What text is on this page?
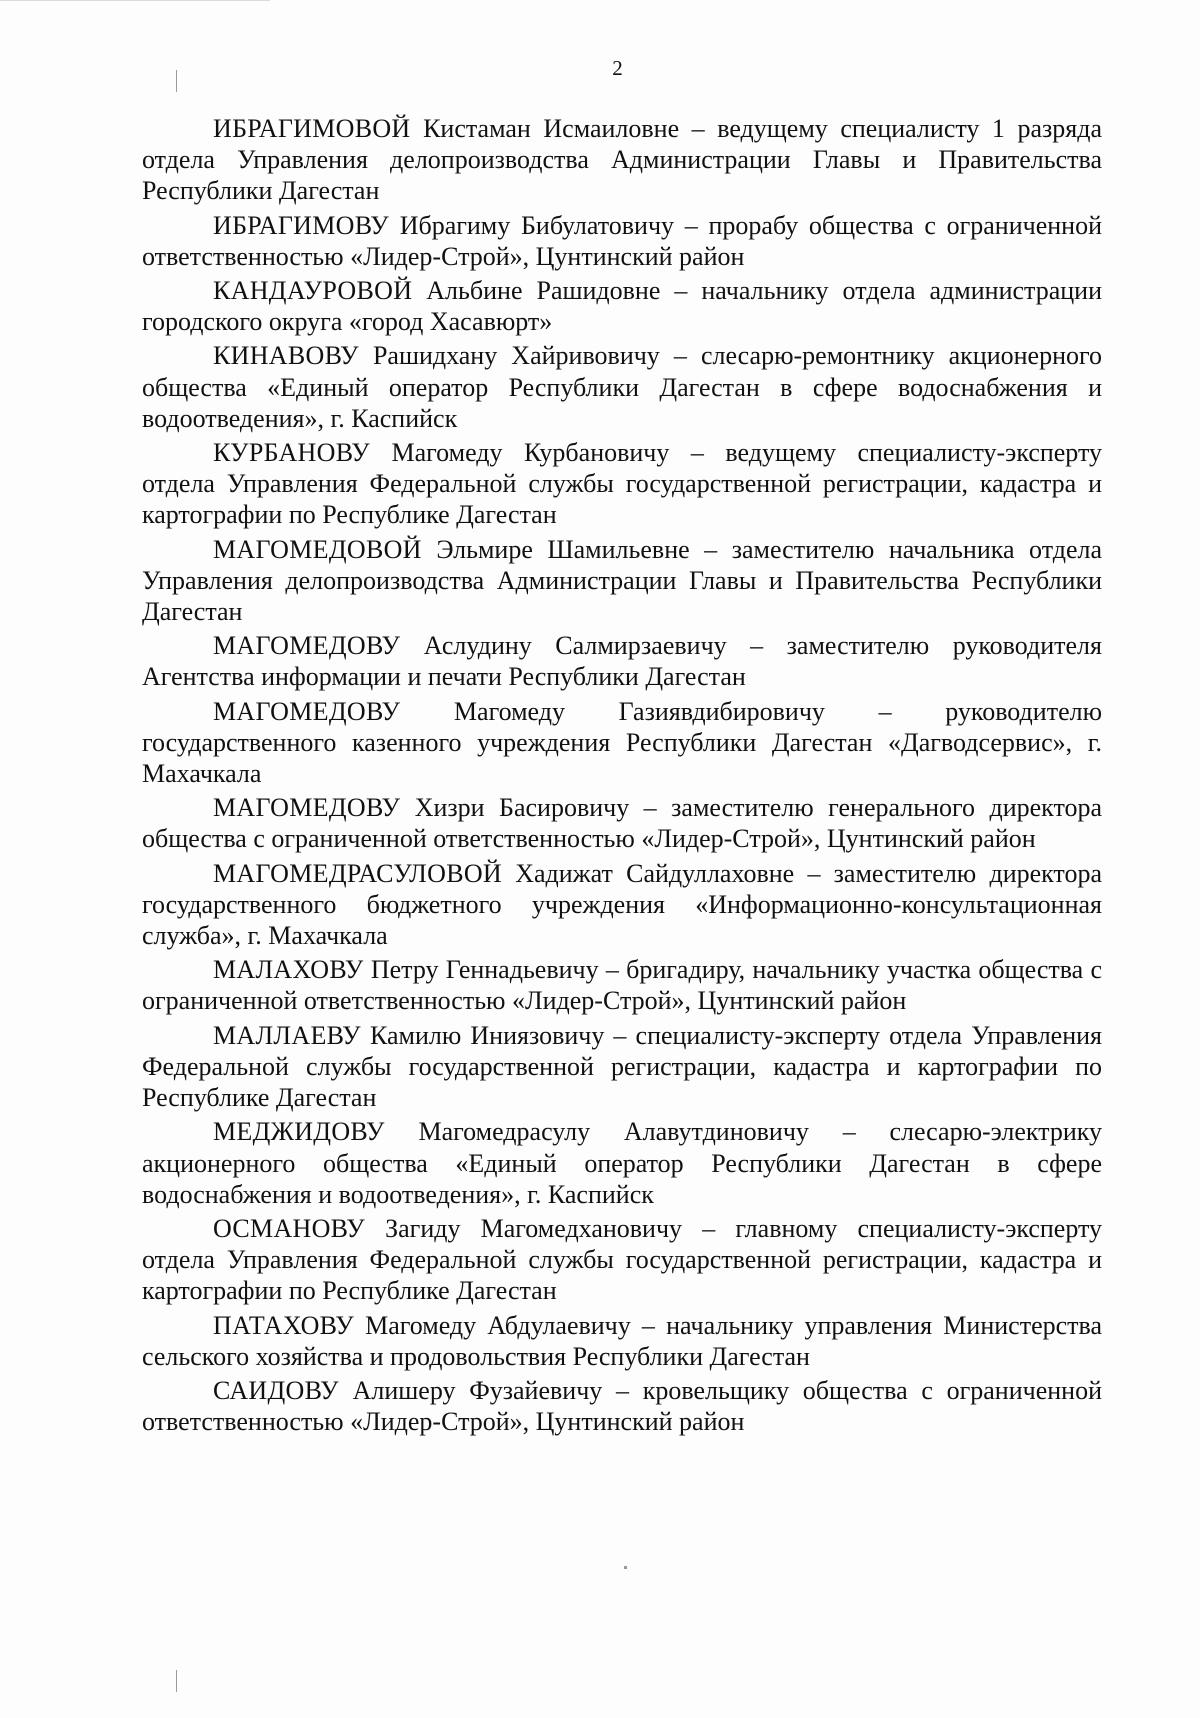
2

ИБРАГИМОВОЙ Кистаман Исмаиловне – ведущему специалисту 1 разряда отдела Управления делопроизводства Администрации Главы и Правительства Республики Дагестан

ИБРАГИМОВУ Ибрагиму Бибулатовичу – прорабу общества с ограниченной ответственностью «Лидер-Строй», Цунтинский район

КАНДАУРОВОЙ Альбине Рашидовне – начальнику отдела администрации городского округа «город Хасавюрт»

КИНАВОВУ Рашидхану Хайривовичу – слесарю-ремонтнику акционерного общества «Единый оператор Республики Дагестан в сфере водоснабжения и водоотведения», г. Каспийск

КУРБАНОВУ Магомеду Курбановичу – ведущему специалисту-эксперту отдела Управления Федеральной службы государственной регистрации, кадастра и картографии по Республике Дагестан

МАГОМЕДОВОЙ Эльмире Шамильевне – заместителю начальника отдела Управления делопроизводства Администрации Главы и Правительства Республики Дагестан

МАГОМЕДОВУ Аслудину Салмирзаевичу – заместителю руководителя Агентства информации и печати Республики Дагестан

МАГОМЕДОВУ Магомеду Газиявдибировичу – руководителю государственного казенного учреждения Республики Дагестан «Дагводсервис», г. Махачкала

МАГОМЕДОВУ Хизри Басировичу – заместителю генерального директора общества с ограниченной ответственностью «Лидер-Строй», Цунтинский район

МАГОМЕДРАСУЛОВОЙ Хадижат Сайдуллаховне – заместителю директора государственного бюджетного учреждения «Информационно-консультационная служба», г. Махачкала

МАЛАХОВУ Петру Геннадьевичу – бригадиру, начальнику участка общества с ограниченной ответственностью «Лидер-Строй», Цунтинский район

МАЛЛАЕВУ Камилю Иниязовичу – специалисту-эксперту отдела Управления Федеральной службы государственной регистрации, кадастра и картографии по Республике Дагестан

МЕДЖИДОВУ Магомедрасулу Алавутдиновичу – слесарю-электрику акционерного общества «Единый оператор Республики Дагестан в сфере водоснабжения и водоотведения», г. Каспийск

ОСМАНОВУ Загиду Магомедхановичу – главному специалисту-эксперту отдела Управления Федеральной службы государственной регистрации, кадастра и картографии по Республике Дагестан

ПАТАХОВУ Магомеду Абдулаевичу – начальнику управления Министерства сельского хозяйства и продовольствия Республики Дагестан

САИДОВУ Алишеру Фузайевичу – кровельщику общества с ограниченной ответственностью «Лидер-Строй», Цунтинский район
